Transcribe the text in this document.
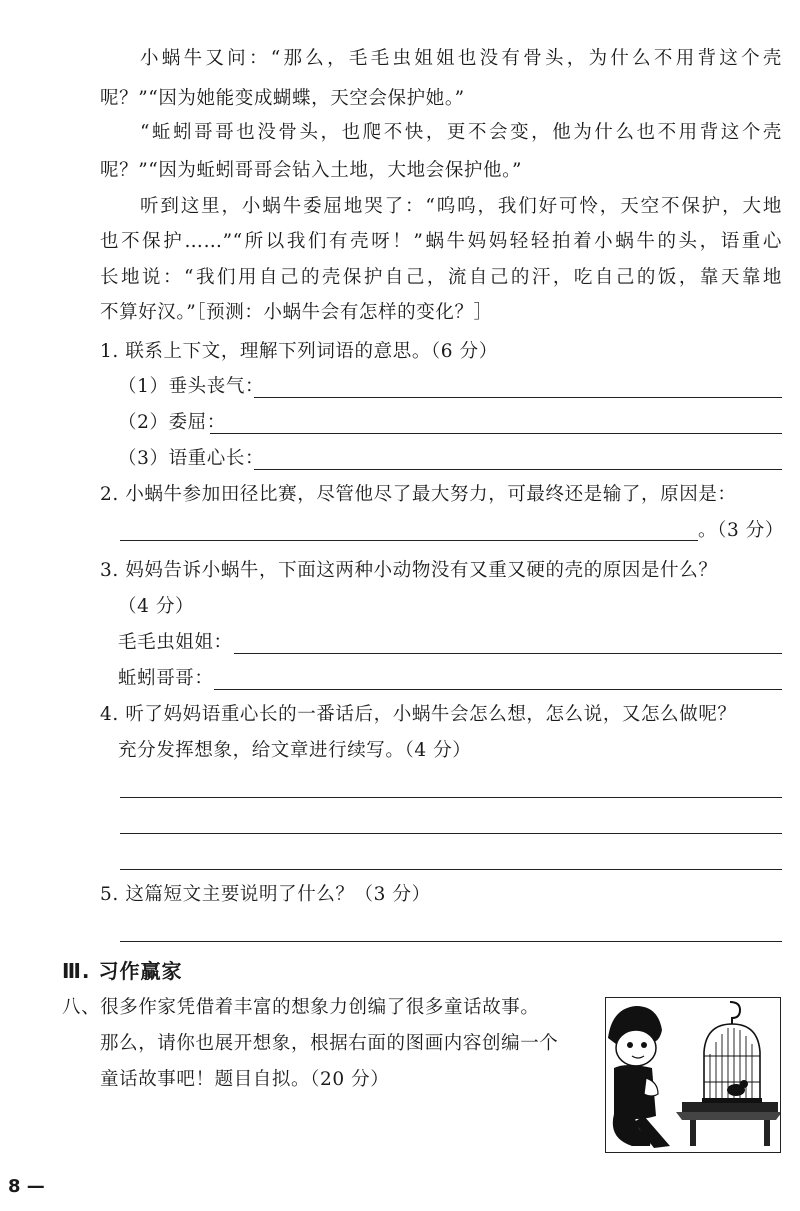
小蜗牛又问：“那么，毛毛虫姐姐也没有骨头，为什么不用背这个壳
呢？”“因为她能变成蝴蝶，天空会保护她。”
“蚯蚓哥哥也没骨头，也爬不快，更不会变，他为什么也不用背这个壳
呢？”“因为蚯蚓哥哥会钻入土地，大地会保护他。”
听到这里，小蜗牛委屈地哭了：“呜呜，我们好可怜，天空不保护，大地
也不保护……”“所以我们有壳呀！”蜗牛妈妈轻轻拍着小蜗牛的头，语重心
长地说：“我们用自己的壳保护自己，流自己的汗，吃自己的饭，靠天靠地
不算好汉。”［预测：小蜗牛会有怎样的变化？］
1. 联系上下文，理解下列词语的意思。（6 分）
（1）垂头丧气：
（2）委屈：
（3）语重心长：
2. 小蜗牛参加田径比赛，尽管他尽了最大努力，可最终还是输了，原因是：
。（3 分）
3. 妈妈告诉小蜗牛，下面这两种小动物没有又重又硬的壳的原因是什么？
（4 分）
毛毛虫姐姐：
蚯蚓哥哥：
4. 听了妈妈语重心长的一番话后，小蜗牛会怎么想，怎么说，又怎么做呢？
充分发挥想象，给文章进行续写。（4 分）
5. 这篇短文主要说明了什么？（3 分）
Ⅲ. 习作赢家
八、很多作家凭借着丰富的想象力创编了很多童话故事。
那么，请你也展开想象，根据右面的图画内容创编一个
童话故事吧！题目自拟。（20 分）
8 —
